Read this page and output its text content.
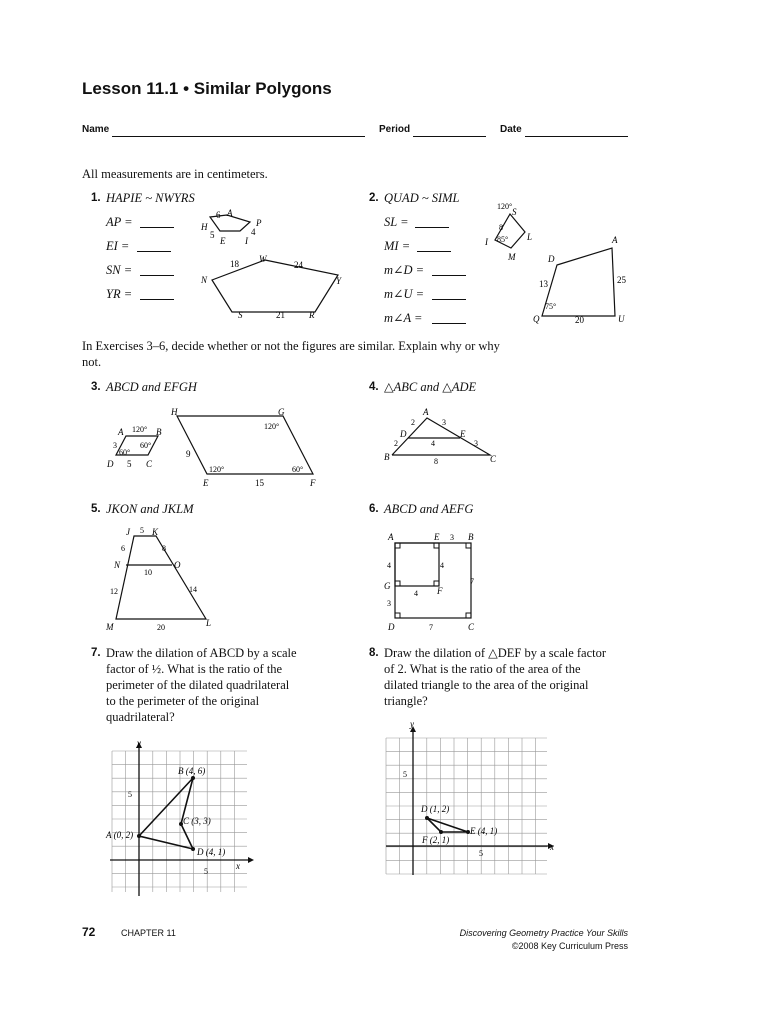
Lesson 11.1 • Similar Polygons
Name	Period	Date
All measurements are in centimeters.
1. HAPIE ~ NWYRS
AP =
EI =
SN =
YR =
H
A
P
E I
W
N	Y
S	R
6
5	4
18	24
21
2. QUAD ~ SIML
SL =
MI =
m∠D =
m∠U =
m∠A =
120°
8
85°
13	25
75°
20
S
L
I
M	D
A
Q	U
In Exercises 3–6, decide whether or not the figures are similar. Explain why or why not.
3. ABCD and EFGH
120°
3	60°
60°
5
120°
9
120°	60°
15
A	B
D	C
H	G
E	F
4. △ABC and △ADE
A
D	E
B	C
2	3
2	4	3
8
5. JKON and JKLM
J K
N	O
M	L
5
6	8
10
12	14
20
6. ABCD and AEFG
A	E	B
G	F
D	C
3
4	4
4
7
3
7
7. Draw the dilation of ABCD by a scale
factor of ½. What is the ratio of the
perimeter of the dilated quadrilateral
to the perimeter of the original
quadrilateral?
y
x
B (4, 6)
C (3, 3)
A (0, 2)
D (4, 1)
5
5
8. Draw the dilation of △DEF by a scale factor
of 2. What is the ratio of the area of the
dilated triangle to the area of the original
triangle?
y
x
D (1, 2)
E (4, 1)
F (2, 1)
5
5
72	CHAPTER 11	Discovering Geometry Practice Your Skills
©2008 Key Curriculum Press
